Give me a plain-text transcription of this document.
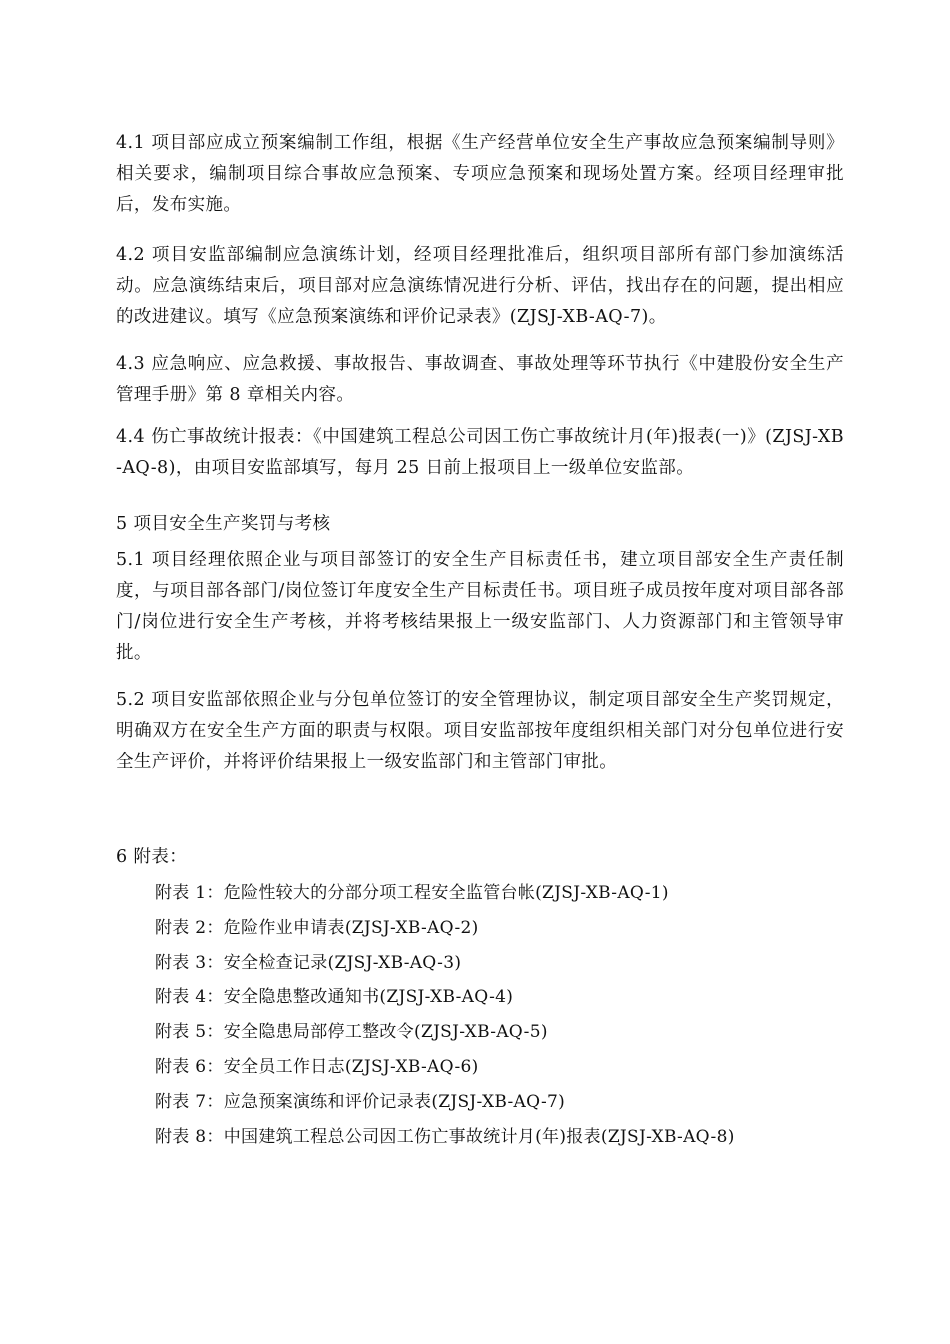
4.1 项目部应成立预案编制工作组，根据《生产经营单位安全生产事故应急预案编制导则》相关要求，编制项目综合事故应急预案、专项应急预案和现场处置方案。经项目经理审批后，发布实施。

4.2 项目安监部编制应急演练计划，经项目经理批准后，组织项目部所有部门参加演练活动。应急演练结束后，项目部对应急演练情况进行分析、评估，找出存在的问题，提出相应的改进建议。填写《应急预案演练和评价记录表》(ZJSJ-XB-AQ-7)。

4.3 应急响应、应急救援、事故报告、事故调查、事故处理等环节执行《中建股份安全生产管理手册》第 8 章相关内容。

4.4 伤亡事故统计报表：《中国建筑工程总公司因工伤亡事故统计月(年)报表(一)》(ZJSJ-XB-AQ-8)，由项目安监部填写，每月 25 日前上报项目上一级单位安监部。

5 项目安全生产奖罚与考核

5.1 项目经理依照企业与项目部签订的安全生产目标责任书，建立项目部安全生产责任制度，与项目部各部门/岗位签订年度安全生产目标责任书。项目班子成员按年度对项目部各部门/岗位进行安全生产考核，并将考核结果报上一级安监部门、人力资源部门和主管领导审批。

5.2 项目安监部依照企业与分包单位签订的安全管理协议，制定项目部安全生产奖罚规定，明确双方在安全生产方面的职责与权限。项目安监部按年度组织相关部门对分包单位进行安全生产评价，并将评价结果报上一级安监部门和主管部门审批。

6 附表：

附表 1：危险性较大的分部分项工程安全监管台帐(ZJSJ-XB-AQ-1)
附表 2：危险作业申请表(ZJSJ-XB-AQ-2)
附表 3：安全检查记录(ZJSJ-XB-AQ-3)
附表 4：安全隐患整改通知书(ZJSJ-XB-AQ-4)
附表 5：安全隐患局部停工整改令(ZJSJ-XB-AQ-5)
附表 6：安全员工作日志(ZJSJ-XB-AQ-6)
附表 7：应急预案演练和评价记录表(ZJSJ-XB-AQ-7)
附表 8：中国建筑工程总公司因工伤亡事故统计月(年)报表(ZJSJ-XB-AQ-8)
